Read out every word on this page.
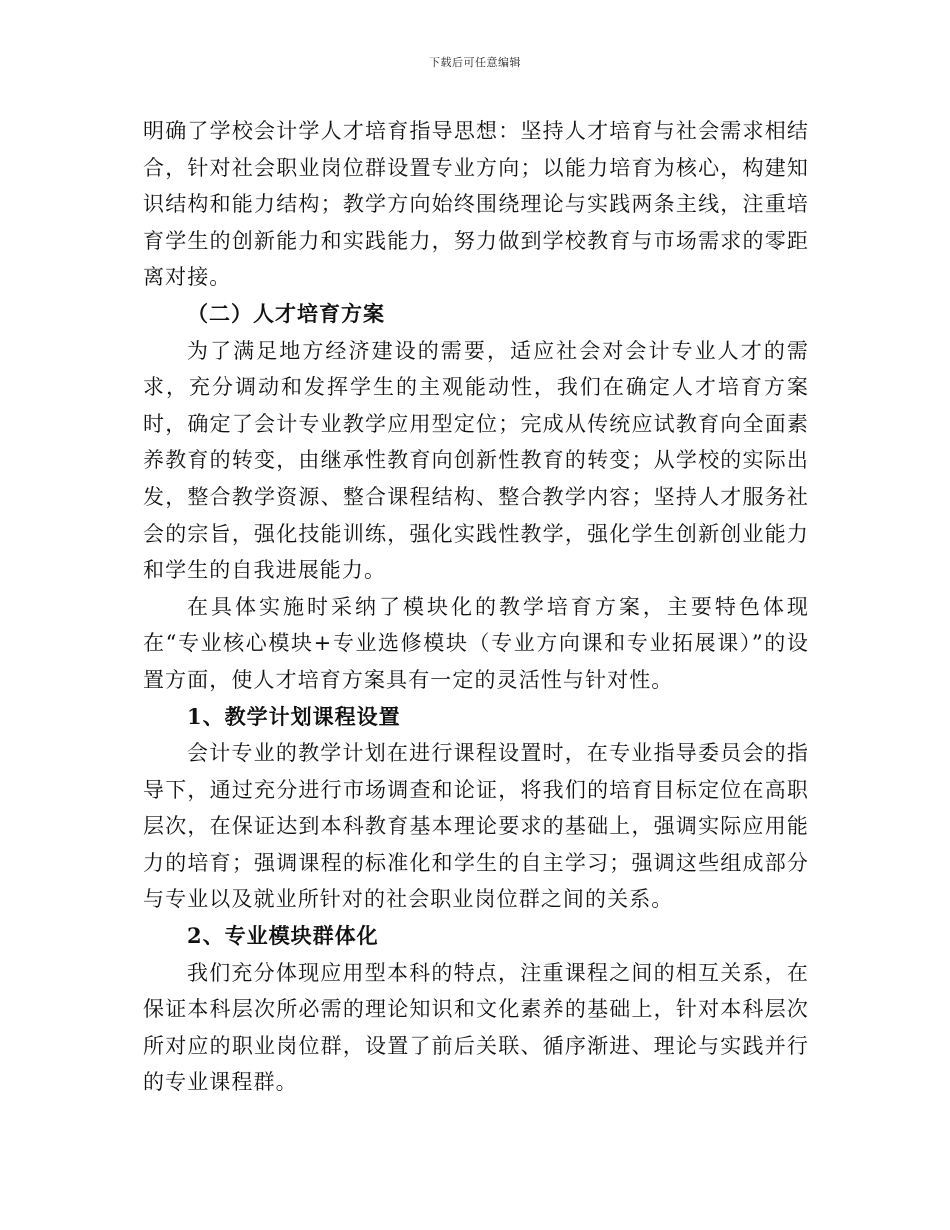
下载后可任意编辑

明确了学校会计学人才培育指导思想：坚持人才培育与社会需求相结合，针对社会职业岗位群设置专业方向；以能力培育为核心，构建知识结构和能力结构；教学方向始终围绕理论与实践两条主线，注重培育学生的创新能力和实践能力，努力做到学校教育与市场需求的零距离对接。

（二）人才培育方案

为了满足地方经济建设的需要，适应社会对会计专业人才的需求，充分调动和发挥学生的主观能动性，我们在确定人才培育方案时，确定了会计专业教学应用型定位；完成从传统应试教育向全面素养教育的转变，由继承性教育向创新性教育的转变；从学校的实际出发，整合教学资源、整合课程结构、整合教学内容；坚持人才服务社会的宗旨，强化技能训练，强化实践性教学，强化学生创新创业能力和学生的自我进展能力。

在具体实施时采纳了模块化的教学培育方案，主要特色体现在“专业核心模块+专业选修模块（专业方向课和专业拓展课）”的设置方面，使人才培育方案具有一定的灵活性与针对性。

1、教学计划课程设置

会计专业的教学计划在进行课程设置时，在专业指导委员会的指导下，通过充分进行市场调查和论证，将我们的培育目标定位在高职层次，在保证达到本科教育基本理论要求的基础上，强调实际应用能力的培育；强调课程的标准化和学生的自主学习；强调这些组成部分与专业以及就业所针对的社会职业岗位群之间的关系。

2、专业模块群体化

我们充分体现应用型本科的特点，注重课程之间的相互关系，在保证本科层次所必需的理论知识和文化素养的基础上，针对本科层次所对应的职业岗位群，设置了前后关联、循序渐进、理论与实践并行的专业课程群。
